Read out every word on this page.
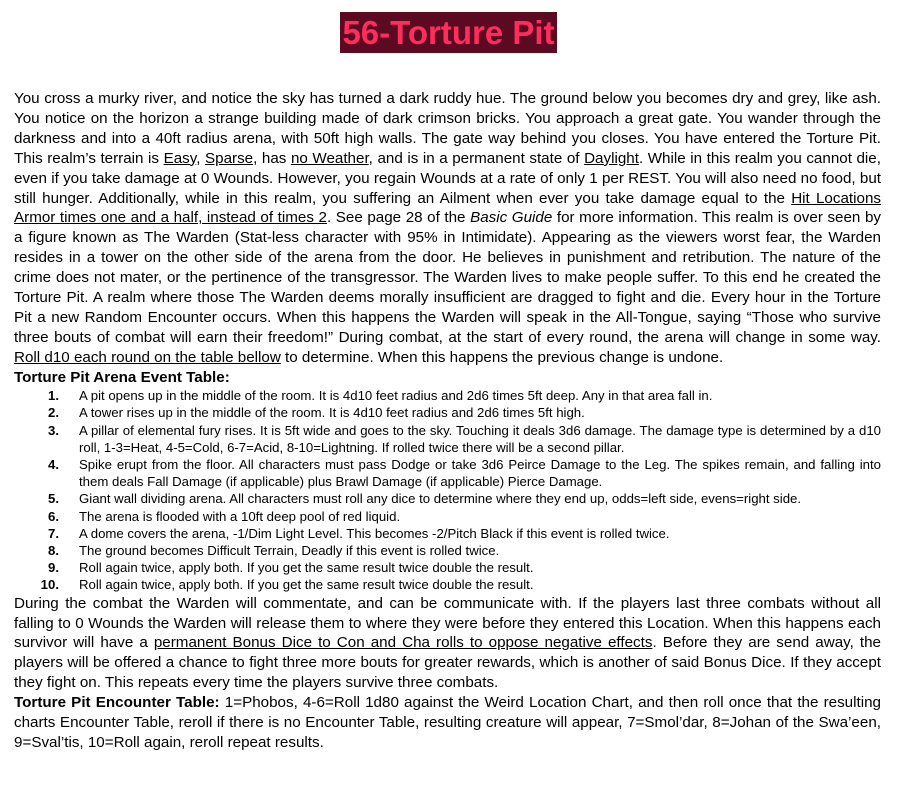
56-Torture Pit

You cross a murky river, and notice the sky has turned a dark ruddy hue. The ground below you becomes dry and grey, like ash. You notice on the horizon a strange building made of dark crimson bricks. You approach a great gate. You wander through the darkness and into a 40ft radius arena, with 50ft high walls. The gate way behind you closes. You have entered the Torture Pit. This realm’s terrain is Easy, Sparse, has no Weather, and is in a permanent state of Daylight. While in this realm you cannot die, even if you take damage at 0 Wounds. However, you regain Wounds at a rate of only 1 per REST. You will also need no food, but still hunger. Additionally, while in this realm, you suffering an Ailment when ever you take damage equal to the Hit Locations Armor times one and a half, instead of times 2. See page 28 of the Basic Guide for more information. This realm is over seen by a figure known as The Warden (Stat-less character with 95% in Intimidate). Appearing as the viewers worst fear, the Warden resides in a tower on the other side of the arena from the door. He believes in punishment and retribution. The nature of the crime does not mater, or the pertinence of the transgressor. The Warden lives to make people suffer. To this end he created the Torture Pit. A realm where those The Warden deems morally insufficient are dragged to fight and die. Every hour in the Torture Pit a new Random Encounter occurs. When this happens the Warden will speak in the All-Tongue, saying “Those who survive three bouts of combat will earn their freedom!” During combat, at the start of every round, the arena will change in some way. Roll d10 each round on the table bellow to determine. When this happens the previous change is undone.

Torture Pit Arena Event Table:
1. A pit opens up in the middle of the room. It is 4d10 feet radius and 2d6 times 5ft deep. Any in that area fall in.
2. A tower rises up in the middle of the room. It is 4d10 feet radius and 2d6 times 5ft high.
3. A pillar of elemental fury rises. It is 5ft wide and goes to the sky. Touching it deals 3d6 damage. The damage type is determined by a d10 roll, 1-3=Heat, 4-5=Cold, 6-7=Acid, 8-10=Lightning. If rolled twice there will be a second pillar.
4. Spike erupt from the floor. All characters must pass Dodge or take 3d6 Peirce Damage to the Leg. The spikes remain, and falling into them deals Fall Damage (if applicable) plus Brawl Damage (if applicable) Pierce Damage.
5. Giant wall dividing arena. All characters must roll any dice to determine where they end up, odds=left side, evens=right side.
6. The arena is flooded with a 10ft deep pool of red liquid.
7. A dome covers the arena, -1/Dim Light Level. This becomes -2/Pitch Black if this event is rolled twice.
8. The ground becomes Difficult Terrain, Deadly if this event is rolled twice.
9. Roll again twice, apply both. If you get the same result twice double the result.
10. Roll again twice, apply both. If you get the same result twice double the result.

During the combat the Warden will commentate, and can be communicate with. If the players last three combats without all falling to 0 Wounds the Warden will release them to where they were before they entered this Location. When this happens each survivor will have a permanent Bonus Dice to Con and Cha rolls to oppose negative effects. Before they are send away, the players will be offered a chance to fight three more bouts for greater rewards, which is another of said Bonus Dice. If they accept they fight on. This repeats every time the players survive three combats.

Torture Pit Encounter Table: 1=Phobos, 4-6=Roll 1d80 against the Weird Location Chart, and then roll once that the resulting charts Encounter Table, reroll if there is no Encounter Table, resulting creature will appear, 7=Smol’dar, 8=Johan of the Swa’een, 9=Sval’tis, 10=Roll again, reroll repeat results.
